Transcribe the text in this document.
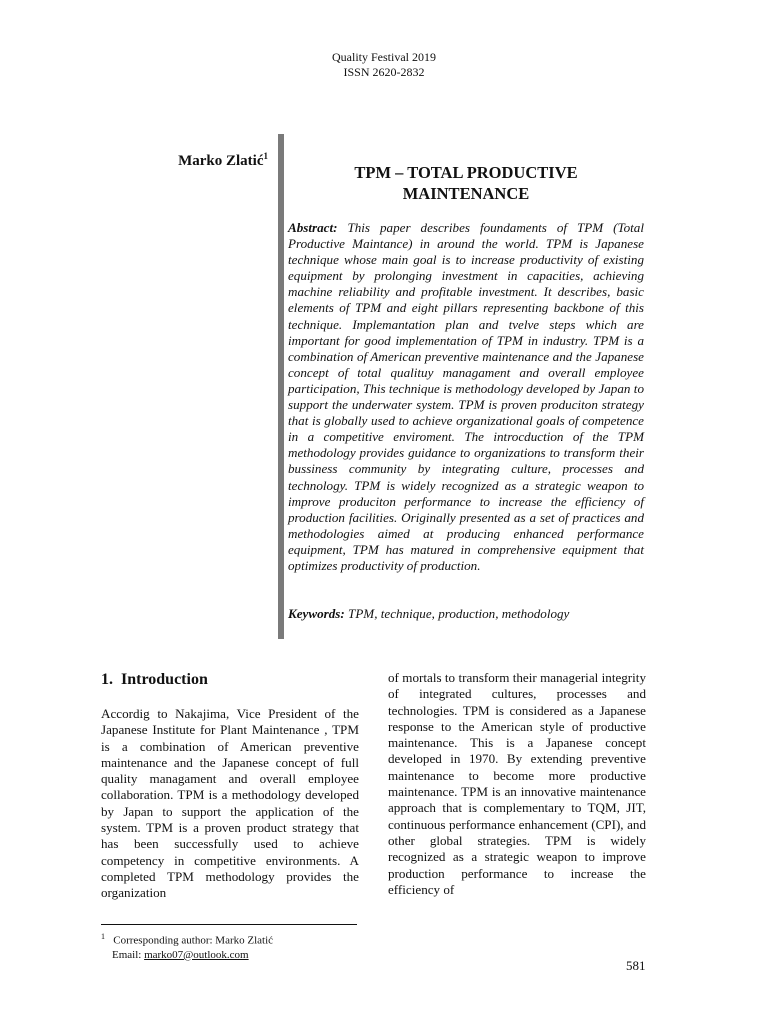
Quality Festival 2019
ISSN 2620-2832
Marko Zlatić$^1$
TPM – TOTAL PRODUCTIVE
MAINTENANCE
Abstract: This paper describes foundaments of TPM (Total Productive Maintance) in around the world. TPM is Japanese technique whose main goal is to increase productivity of existing equipment by prolonging investment in capacities, achieving machine reliability and profitable investment. It describes, basic elements of TPM and eight pillars representing backbone of this technique. Implemantation plan and tvelve steps which are important for good implementation of TPM in industry. TPM is a combination of American preventive maintenance and the Japanese concept of total qualituy managament and overall employee participation, This technique is methodology developed by Japan to support the underwater system. TPM is proven produciton strategy that is globally used to achieve organizational goals of competence in a competitive enviroment. The introcduction of the TPM methodology provides guidance to organizations to transform their bussiness community by integrating culture, processes and technology. TPM is widely recognized as a strategic weapon to improve produciton performance to increase the efficiency of production facilities. Originally presented as a set of practices and methodologies aimed at producing enhanced performance equipment, TPM has matured in comprehensive equipment that optimizes productivity of production.
Keywords: TPM, technique, production, methodology
1.  Introduction
Accordig to Nakajima, Vice President of the Japanese Institute for Plant Maintenance , TPM is a combination of American preventive maintenance and the Japanese concept of full quality managament and overall employee collaboration. TPM is a methodology developed by Japan to support the application of the system. TPM is a proven product strategy that has been successfully used to achieve competency in competitive environments. A completed TPM methodology provides the organization
of mortals to transform their managerial integrity of integrated cultures, processes and technologies. TPM is considered as a Japanese response to the American style of productive maintenance. This is a Japanese concept developed in 1970. By extending preventive maintenance to become more productive maintenance. TPM is an innovative maintenance approach that is complementary to TQM, JIT, continuous performance enhancement (CPI), and other global strategies. TPM is widely recognized as a strategic weapon to improve production performance to increase the efficiency of
$^1$ Corresponding author: Marko Zlatić
Email: marko07@outlook.com
581
